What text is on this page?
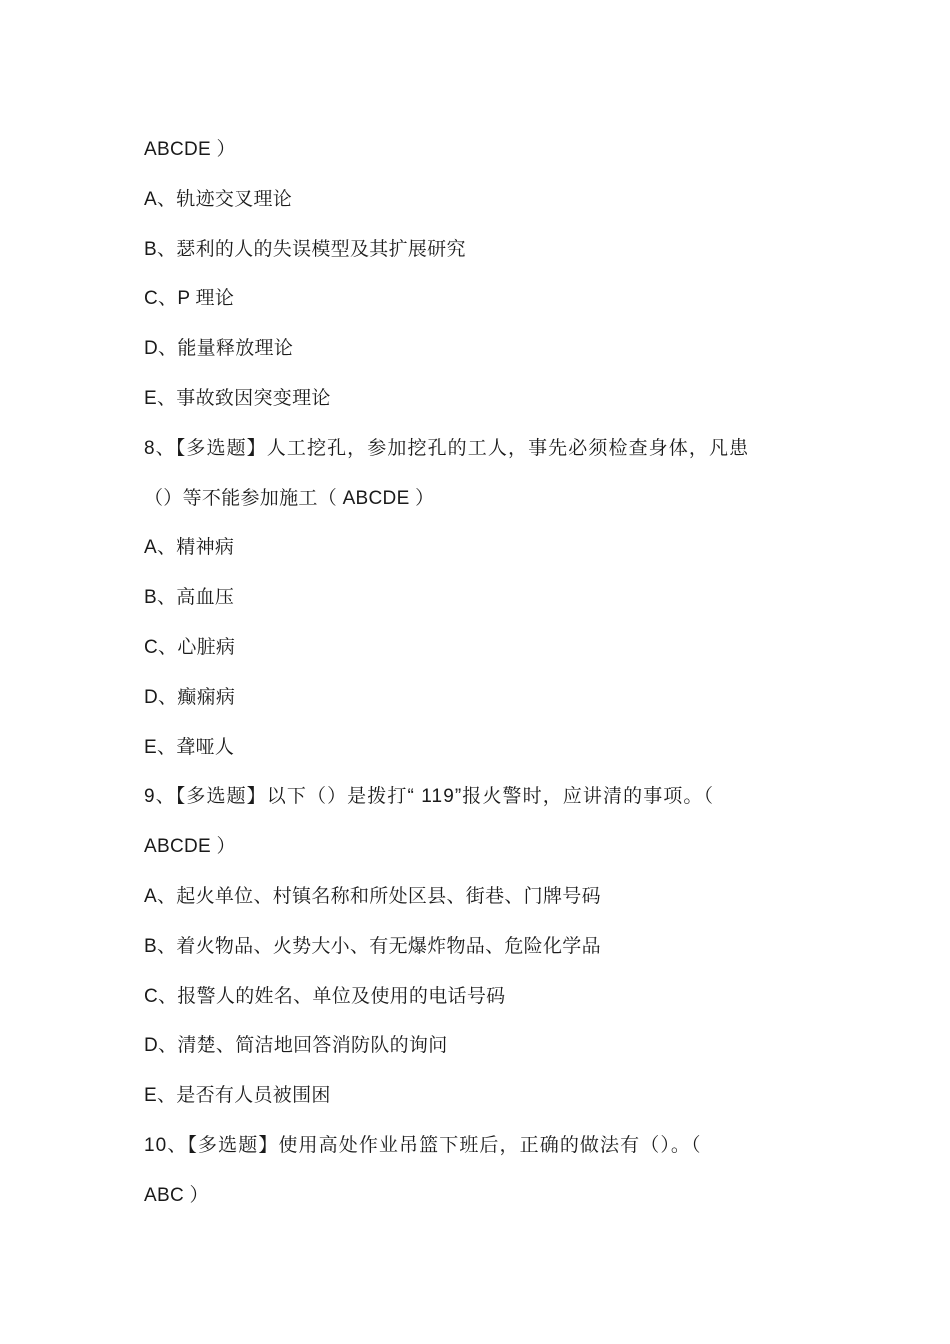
ABCDE ）
A、轨迹交叉理论
B、瑟利的人的失误模型及其扩展研究
C、P 理论
D、能量释放理论
E、事故致因突变理论
8、【多选题】人工挖孔，参加挖孔的工人，事先必须检查身体，凡患
（）等不能参加施工（ ABCDE ）
A、精神病
B、高血压
C、心脏病
D、癫痫病
E、聋哑人
9、【多选题】以下（）是拨打“ 119”报火警时，应讲清的事项。（
ABCDE ）
A、起火单位、村镇名称和所处区县、街巷、门牌号码
B、着火物品、火势大小、有无爆炸物品、危险化学品
C、报警人的姓名、单位及使用的电话号码
D、清楚、简洁地回答消防队的询问
E、是否有人员被围困
10、【多选题】使用高处作业吊篮下班后，正确的做法有（）。（
ABC ）
